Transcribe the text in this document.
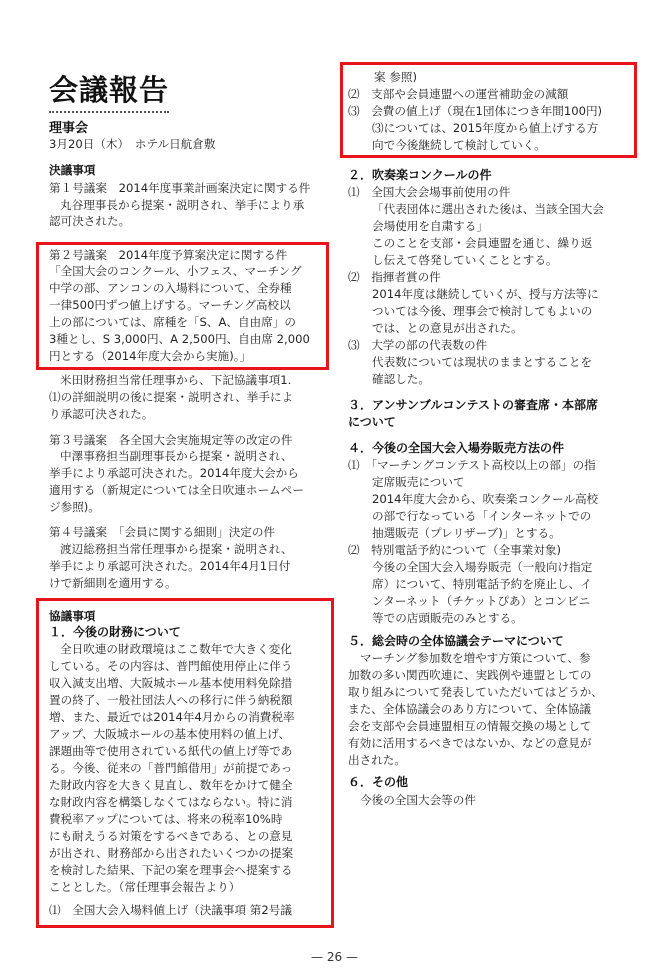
会議報告
理事会
3月20日（木）　ホテル日航倉敷
決議事項
第１号議案　2014年度事業計画案決定に関する件
丸谷理事長から提案・説明され、挙手により承
認可決された。
第２号議案　2014年度予算案決定に関する件
「全国大会のコンクール、小フェス、マーチング
中学の部、アンコンの入場料について、全券種
一律500円ずつ値上げする。マーチング高校以
上の部については、席種を「S、A、自由席」の
3種とし、S 3,000円、A 2,500円、自由席 2,000
円とする（2014年度大会から実施)。」
米田財務担当常任理事から、下記協議事項1.
⑴の詳細説明の後に提案・説明され、挙手によ
り承認可決された。
第３号議案　各全国大会実施規定等の改定の件
中澤事務担当副理事長から提案・説明され、
挙手により承認可決された。2014年度大会から
適用する（新規定については全日吹連ホームペー
ジ参照)。
第４号議案　「会員に関する細則」決定の件
渡辺総務担当常任理事から提案・説明され、
挙手により承認可決された。2014年4月1日付
けで新細則を適用する。
協議事項
１．今後の財務について
全日吹連の財政環境はここ数年で大きく変化
している。その内容は、普門館使用停止に伴う
収入減支出増、大阪城ホール基本使用料免除措
置の終了、一般社団法人への移行に伴う納税額
増、また、最近では2014年4月からの消費税率
アップ、大阪城ホールの基本使用料の値上げ、
課題曲等で使用されている紙代の値上げ等であ
る。今後、従来の「普門館借用」が前提であっ
た財政内容を大きく見直し、数年をかけて健全
な財政内容を構築しなくてはならない。特に消
費税率アップについては、将来の税率10%時
にも耐えうる対策をするべきである、との意見
が出され、財務部から出されたいくつかの提案
を検討した結果、下記の案を理事会へ提案する
こととした。（常任理事会報告より）
⑴　全国大会入場料値上げ（決議事項 第2号議
案 参照)
⑵　支部や会員連盟への運営補助金の減額
⑶　会費の値上げ（現在1団体につき年間100円)
⑶については、2015年度から値上げする方
向で今後継続して検討していく。
２．吹奏楽コンクールの件
⑴　全国大会会場事前使用の件
「代表団体に選出された後は、当該全国大会
会場使用を自粛する」
このことを支部・会員連盟を通じ、繰り返
し伝えて啓発していくこととする。
⑵　指揮者賞の件
2014年度は継続していくが、授与方法等に
ついては今後、理事会で検討してもよいの
では、との意見が出された。
⑶　大学の部の代表数の件
代表数については現状のままとすることを
確認した。
３．アンサンブルコンテストの審査席・本部席
について
４．今後の全国大会入場券販売方法の件
⑴　「マーチングコンテスト高校以上の部」の指
定席販売について
2014年度大会から、吹奏楽コンクール高校
の部で行なっている「インターネットでの
抽選販売（プレリザーブ)」とする。
⑵　特別電話予約について（全事業対象)
今後の全国大会入場券販売（一般向け指定
席）について、特別電話予約を廃止し、イ
ンターネット（チケットぴあ）とコンビニ
等での店頭販売のみとする。
５．総会時の全体協議会テーマについて
マーチング参加数を増やす方策について、参
加数の多い関西吹連に、実践例や連盟としての
取り組みについて発表していただいてはどうか、
また、全体協議会のあり方について、全体協議
会を支部や会員連盟相互の情報交換の場として
有効に活用するべきではないか、などの意見が
出された。
６．その他
今後の全国大会等の件
— 26 —
